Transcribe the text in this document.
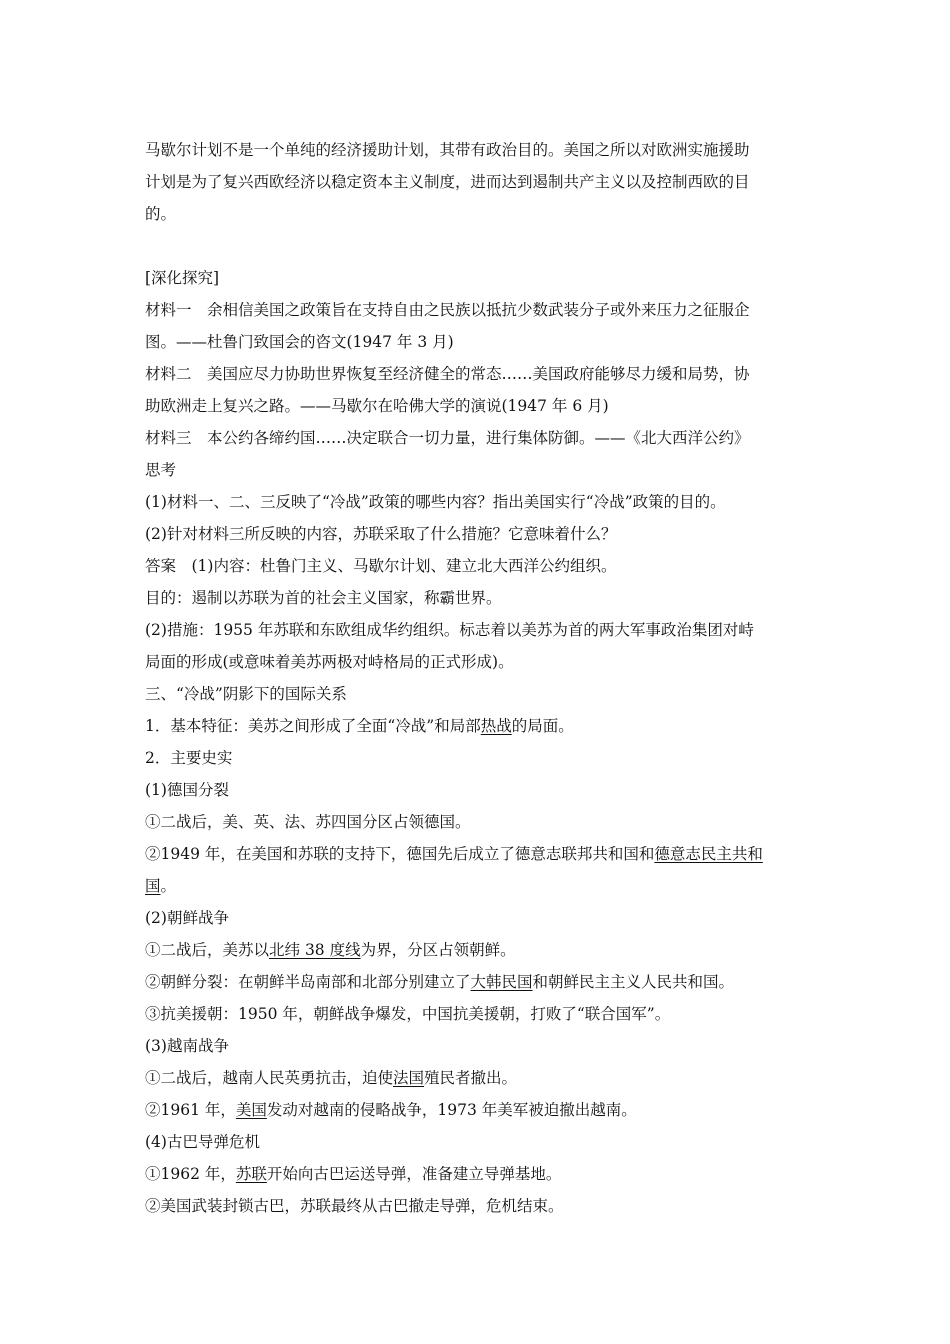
马歇尔计划不是一个单纯的经济援助计划，其带有政治目的。美国之所以对欧洲实施援助
计划是为了复兴西欧经济以稳定资本主义制度，进而达到遏制共产主义以及控制西欧的目
的。
[深化探究]
材料一　余相信美国之政策旨在支持自由之民族以抵抗少数武装分子或外来压力之征服企
图。——杜鲁门致国会的咨文(1947 年 3 月)
材料二　美国应尽力协助世界恢复至经济健全的常态……美国政府能够尽力缓和局势，协
助欧洲走上复兴之路。——马歇尔在哈佛大学的演说(1947 年 6 月)
材料三　本公约各缔约国……决定联合一切力量，进行集体防御。——《北大西洋公约》
思考
(1)材料一、二、三反映了“冷战”政策的哪些内容？指出美国实行“冷战”政策的目的。
(2)针对材料三所反映的内容，苏联采取了什么措施？它意味着什么？
答案　(1)内容：杜鲁门主义、马歇尔计划、建立北大西洋公约组织。
目的：遏制以苏联为首的社会主义国家，称霸世界。
(2)措施：1955 年苏联和东欧组成华约组织。标志着以美苏为首的两大军事政治集团对峙
局面的形成(或意味着美苏两极对峙格局的正式形成)。
三、“冷战”阴影下的国际关系
1．基本特征：美苏之间形成了全面“冷战”和局部热战的局面。
2．主要史实
(1)德国分裂
①二战后，美、英、法、苏四国分区占领德国。
②1949 年，在美国和苏联的支持下，德国先后成立了德意志联邦共和国和德意志民主共和
国。
(2)朝鲜战争
①二战后，美苏以北纬 38 度线为界，分区占领朝鲜。
②朝鲜分裂：在朝鲜半岛南部和北部分别建立了大韩民国和朝鲜民主主义人民共和国。
③抗美援朝：1950 年，朝鲜战争爆发，中国抗美援朝，打败了“联合国军”。
(3)越南战争
①二战后，越南人民英勇抗击，迫使法国殖民者撤出。
②1961 年，美国发动对越南的侵略战争，1973 年美军被迫撤出越南。
(4)古巴导弹危机
①1962 年，苏联开始向古巴运送导弹，准备建立导弹基地。
②美国武装封锁古巴，苏联最终从古巴撤走导弹，危机结束。
